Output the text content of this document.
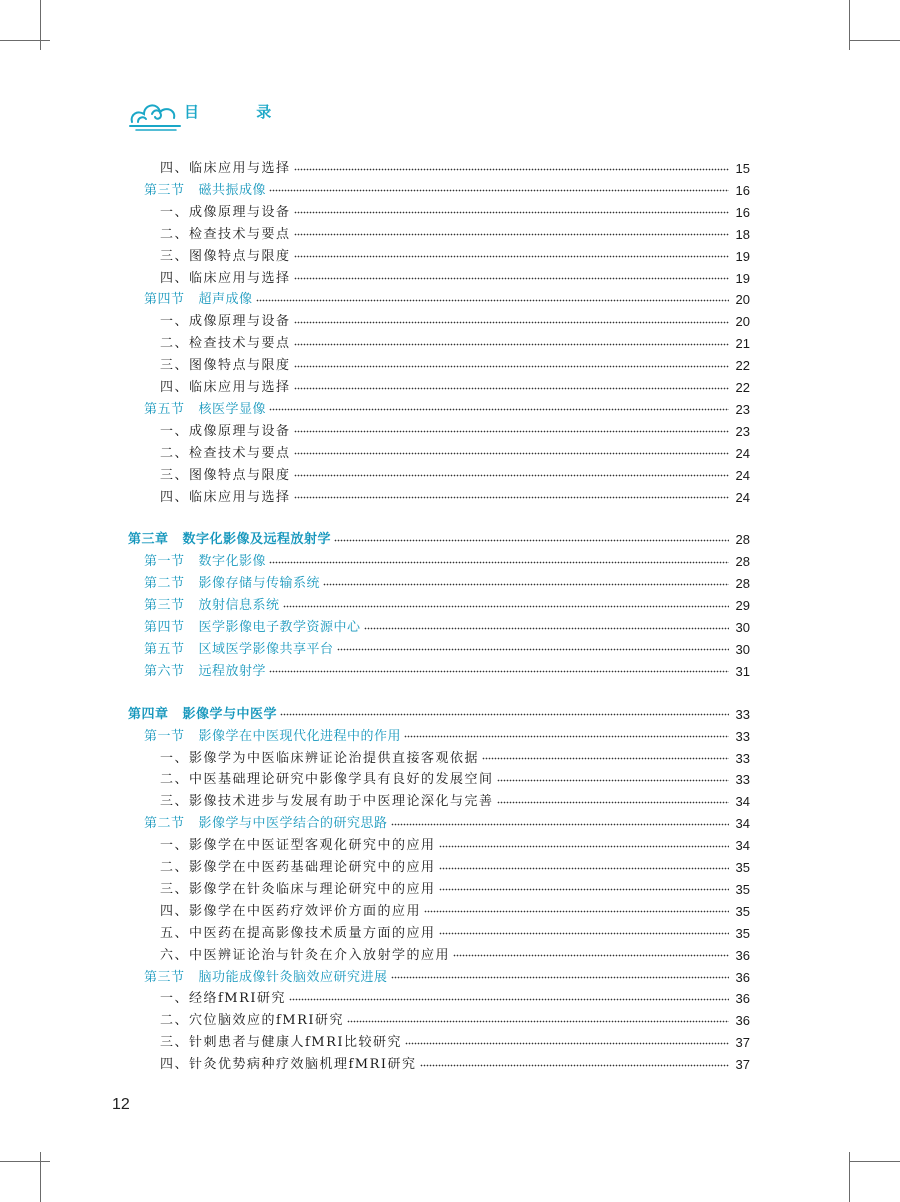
目 录
四、临床应用与选择	15
第三节 磁共振成像	16
一、成像原理与设备	16
二、检查技术与要点	18
三、图像特点与限度	19
四、临床应用与选择	19
第四节 超声成像	20
一、成像原理与设备	20
二、检查技术与要点	21
三、图像特点与限度	22
四、临床应用与选择	22
第五节 核医学显像	23
一、成像原理与设备	23
二、检查技术与要点	24
三、图像特点与限度	24
四、临床应用与选择	24
第三章 数字化影像及远程放射学	28
第一节 数字化影像	28
第二节 影像存储与传输系统	28
第三节 放射信息系统	29
第四节 医学影像电子教学资源中心	30
第五节 区域医学影像共享平台	30
第六节 远程放射学	31
第四章 影像学与中医学	33
第一节 影像学在中医现代化进程中的作用	33
一、影像学为中医临床辨证论治提供直接客观依据	33
二、中医基础理论研究中影像学具有良好的发展空间	33
三、影像技术进步与发展有助于中医理论深化与完善	34
第二节 影像学与中医学结合的研究思路	34
一、影像学在中医证型客观化研究中的应用	34
二、影像学在中医药基础理论研究中的应用	35
三、影像学在针灸临床与理论研究中的应用	35
四、影像学在中医药疗效评价方面的应用	35
五、中医药在提高影像技术质量方面的应用	35
六、中医辨证论治与针灸在介入放射学的应用	36
第三节 脑功能成像针灸脑效应研究进展	36
一、经络fMRI研究	36
二、穴位脑效应的fMRI研究	36
三、针刺患者与健康人fMRI比较研究	37
四、针灸优势病种疗效脑机理fMRI研究	37
12
